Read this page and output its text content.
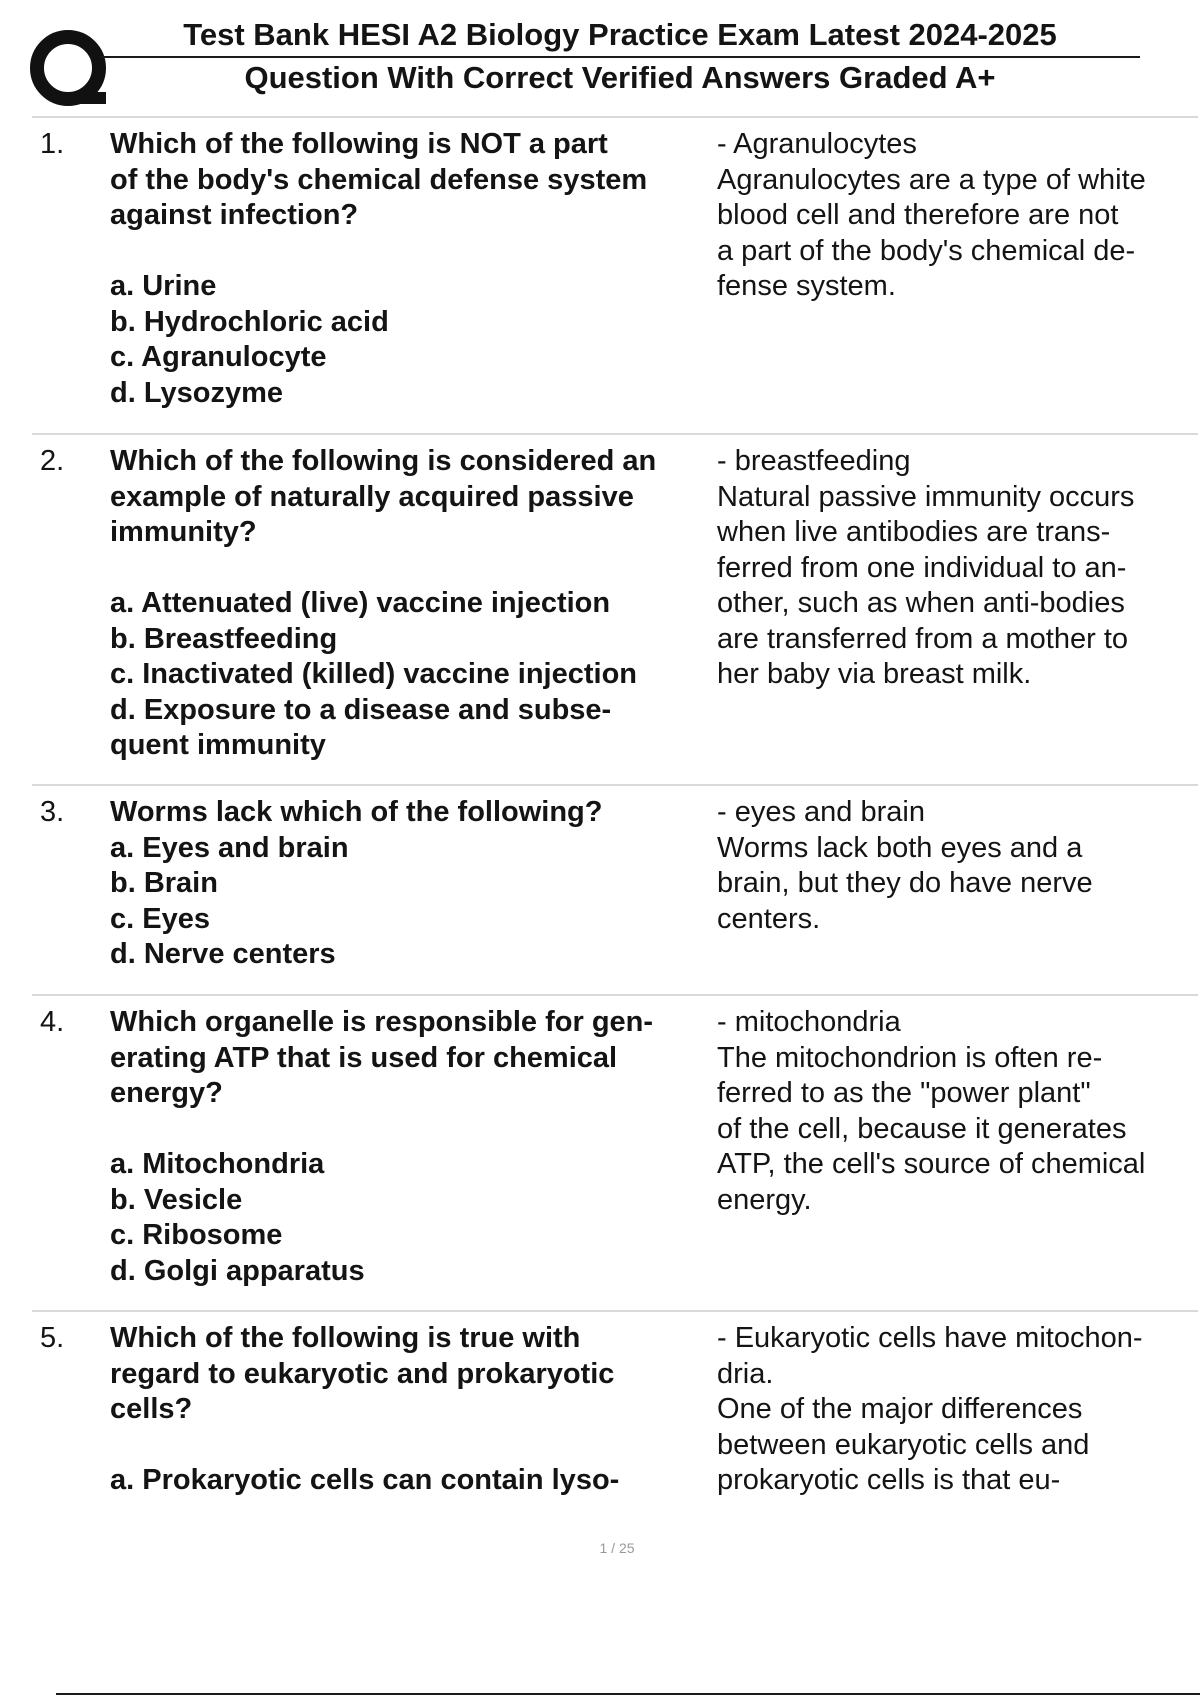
Test Bank HESI A2 Biology Practice Exam Latest 2024-2025
Question With Correct Verified Answers Graded A+
1. Which of the following is NOT a part
of the body's chemical defense system
against infection?
a. Urine
b. Hydrochloric acid
c. Agranulocyte
d. Lysozyme
- Agranulocytes
Agranulocytes are a type of white
blood cell and therefore are not
a part of the body's chemical de-
fense system.
2. Which of the following is considered an
example of naturally acquired passive
immunity?
a. Attenuated (live) vaccine injection
b. Breastfeeding
c. Inactivated (killed) vaccine injection
d. Exposure to a disease and subse-
quent immunity
- breastfeeding
Natural passive immunity occurs
when live antibodies are trans-
ferred from one individual to an-
other, such as when anti-bodies
are transferred from a mother to
her baby via breast milk.
3. Worms lack which of the following?
a. Eyes and brain
b. Brain
c. Eyes
d. Nerve centers
- eyes and brain
Worms lack both eyes and a
brain, but they do have nerve
centers.
4. Which organelle is responsible for gen-
erating ATP that is used for chemical
energy?
a. Mitochondria
b. Vesicle
c. Ribosome
d. Golgi apparatus
- mitochondria
The mitochondrion is often re-
ferred to as the "power plant"
of the cell, because it generates
ATP, the cell's source of chemical
energy.
5. Which of the following is true with
regard to eukaryotic and prokaryotic
cells?
a. Prokaryotic cells can contain lyso-
- Eukaryotic cells have mitochon-
dria.
One of the major differences
between eukaryotic cells and
prokaryotic cells is that eu-
1 / 25
